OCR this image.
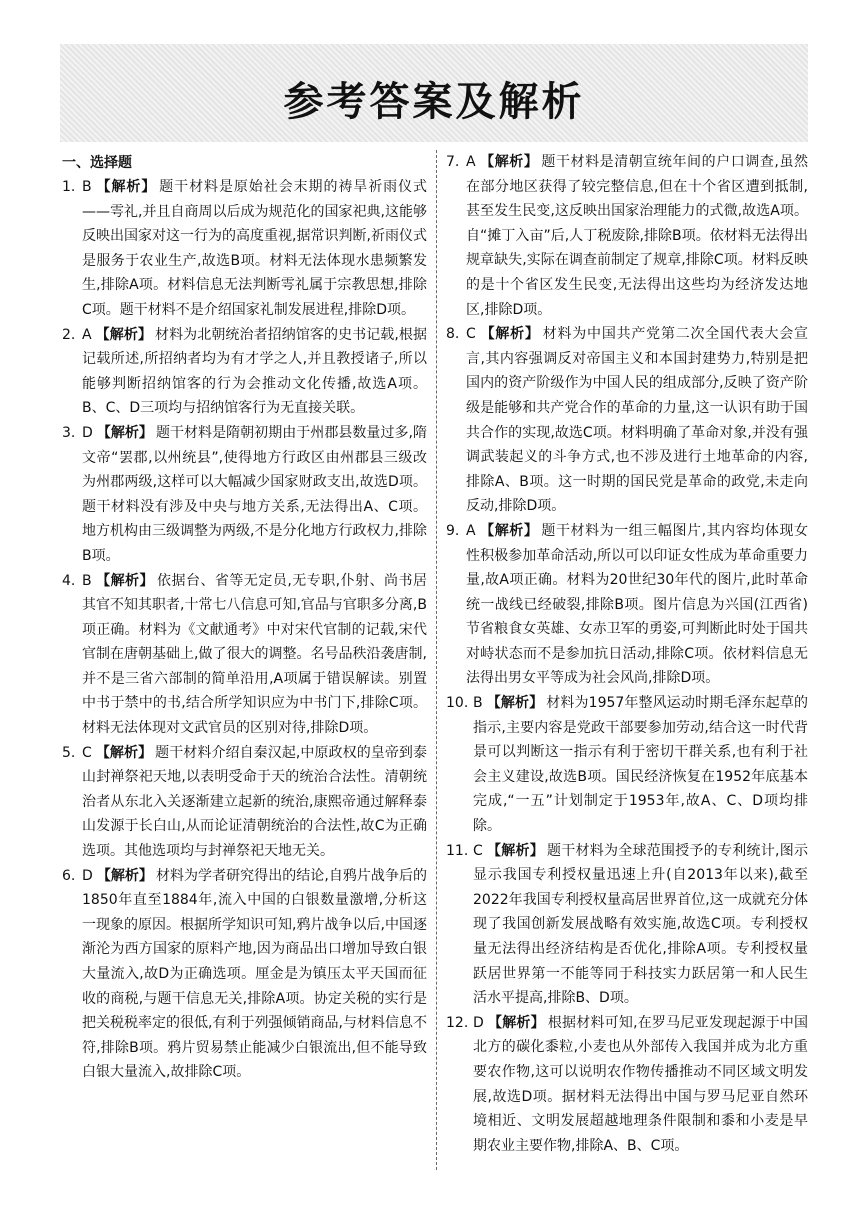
参考答案及解析
一、选择题
1. B 【解析】 题干材料是原始社会末期的祷旱祈雨仪式——雩礼,并且自商周以后成为规范化的国家祀典,这能够反映出国家对这一行为的高度重视,据常识判断,祈雨仪式是服务于农业生产,故选B项。材料无法体现水患频繁发生,排除A项。材料信息无法判断雩礼属于宗教思想,排除C项。题干材料不是介绍国家礼制发展进程,排除D项。
2. A 【解析】 材料为北朝统治者招纳馆客的史书记载,根据记载所述,所招纳者均为有才学之人,并且教授诸子,所以能够判断招纳馆客的行为会推动文化传播,故选A项。B、C、D三项均与招纳馆客行为无直接关联。
3. D 【解析】 题干材料是隋朝初期由于州郡县数量过多,隋文帝“罢郡,以州统县”,使得地方行政区由州郡县三级改为州郡两级,这样可以大幅减少国家财政支出,故选D项。题干材料没有涉及中央与地方关系,无法得出A、C项。地方机构由三级调整为两级,不是分化地方行政权力,排除B项。
4. B 【解析】 依据台、省等无定员,无专职,仆射、尚书居其官不知其职者,十常七八信息可知,官品与官职多分离,B项正确。材料为《文献通考》中对宋代官制的记载,宋代官制在唐朝基础上,做了很大的调整。名号品秩沿袭唐制,并不是三省六部制的简单沿用,A项属于错误解读。别置中书于禁中的书,结合所学知识应为中书门下,排除C项。材料无法体现对文武官员的区别对待,排除D项。
5. C 【解析】 题干材料介绍自秦汉起,中原政权的皇帝到泰山封禅祭祀天地,以表明受命于天的统治合法性。清朝统治者从东北入关逐渐建立起新的统治,康熙帝通过解释泰山发源于长白山,从而论证清朝统治的合法性,故C为正确选项。其他选项均与封禅祭祀天地无关。
6. D 【解析】 材料为学者研究得出的结论,自鸦片战争后的1850年直至1884年,流入中国的白银数量激增,分析这一现象的原因。根据所学知识可知,鸦片战争以后,中国逐渐沦为西方国家的原料产地,因为商品出口增加导致白银大量流入,故D为正确选项。厘金是为镇压太平天国而征收的商税,与题干信息无关,排除A项。协定关税的实行是把关税税率定的很低,有利于列强倾销商品,与材料信息不符,排除B项。鸦片贸易禁止能减少白银流出,但不能导致白银大量流入,故排除C项。
7. A 【解析】 题干材料是清朝宣统年间的户口调查,虽然在部分地区获得了较完整信息,但在十个省区遭到抵制,甚至发生民变,这反映出国家治理能力的式微,故选A项。自“摊丁入亩”后,人丁税废除,排除B项。依材料无法得出规章缺失,实际在调查前制定了规章,排除C项。材料反映的是十个省区发生民变,无法得出这些均为经济发达地区,排除D项。
8. C 【解析】 材料为中国共产党第二次全国代表大会宣言,其内容强调反对帝国主义和本国封建势力,特别是把国内的资产阶级作为中国人民的组成部分,反映了资产阶级是能够和共产党合作的革命的力量,这一认识有助于国共合作的实现,故选C项。材料明确了革命对象,并没有强调武装起义的斗争方式,也不涉及进行土地革命的内容,排除A、B项。这一时期的国民党是革命的政党,未走向反动,排除D项。
9. A 【解析】 题干材料为一组三幅图片,其内容均体现女性积极参加革命活动,所以可以印证女性成为革命重要力量,故A项正确。材料为20世纪30年代的图片,此时革命统一战线已经破裂,排除B项。图片信息为兴国(江西省)节省粮食女英雄、女赤卫军的勇姿,可判断此时处于国共对峙状态而不是参加抗日活动,排除C项。依材料信息无法得出男女平等成为社会风尚,排除D项。
10. B 【解析】 材料为1957年整风运动时期毛泽东起草的指示,主要内容是党政干部要参加劳动,结合这一时代背景可以判断这一指示有利于密切干群关系,也有利于社会主义建设,故选B项。国民经济恢复在1952年底基本完成,“一五”计划制定于1953年,故A、C、D项均排除。
11. C 【解析】 题干材料为全球范围授予的专利统计,图示显示我国专利授权量迅速上升(自2013年以来),截至2022年我国专利授权量高居世界首位,这一成就充分体现了我国创新发展战略有效实施,故选C项。专利授权量无法得出经济结构是否优化,排除A项。专利授权量跃居世界第一不能等同于科技实力跃居第一和人民生活水平提高,排除B、D项。
12. D 【解析】 根据材料可知,在罗马尼亚发现起源于中国北方的碳化黍粒,小麦也从外部传入我国并成为北方重要农作物,这可以说明农作物传播推动不同区域文明发展,故选D项。据材料无法得出中国与罗马尼亚自然环境相近、文明发展超越地理条件限制和黍和小麦是早期农业主要作物,排除A、B、C项。
